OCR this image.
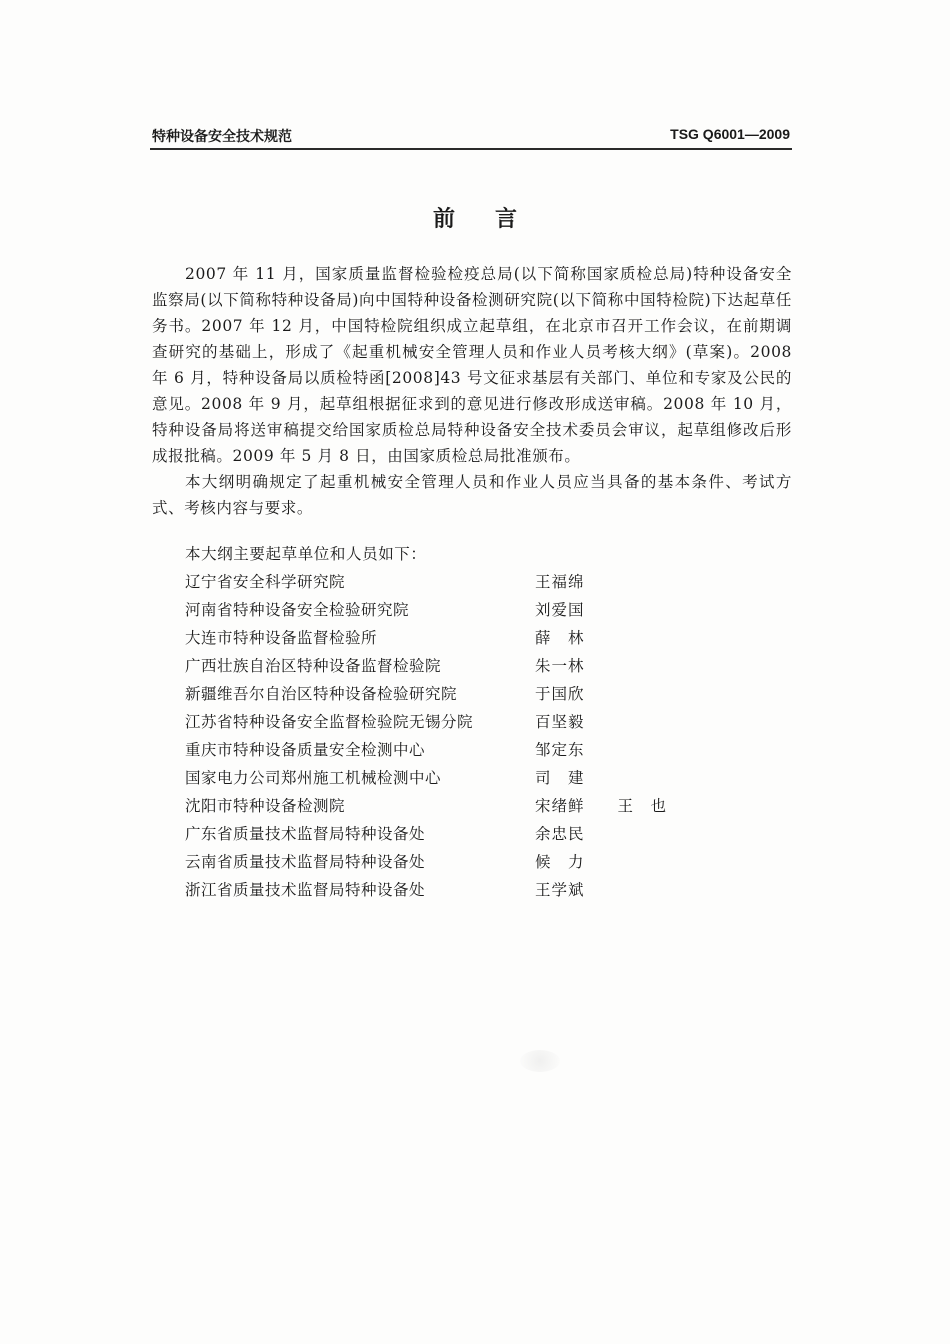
特种设备安全技术规范	TSG Q6001—2009
前言

2007 年 11 月，国家质量监督检验检疫总局(以下简称国家质检总局)特种设备安全监察局(以下简称特种设备局)向中国特种设备检测研究院(以下简称中国特检院)下达起草任务书。2007 年 12 月，中国特检院组织成立起草组，在北京市召开工作会议，在前期调查研究的基础上，形成了《起重机械安全管理人员和作业人员考核大纲》(草案)。2008 年 6 月，特种设备局以质检特函[2008]43 号文征求基层有关部门、单位和专家及公民的意见。2008 年 9 月，起草组根据征求到的意见进行修改形成送审稿。2008 年 10 月，特种设备局将送审稿提交给国家质检总局特种设备安全技术委员会审议，起草组修改后形成报批稿。2009 年 5 月 8 日，由国家质检总局批准颁布。

本大纲明确规定了起重机械安全管理人员和作业人员应当具备的基本条件、考试方式、考核内容与要求。

本大纲主要起草单位和人员如下：
辽宁省安全科学研究院	王福绵
河南省特种设备安全检验研究院	刘爱国
大连市特种设备监督检验所	薛　林
广西壮族自治区特种设备监督检验院	朱一林
新疆维吾尔自治区特种设备检验研究院	于国欣
江苏省特种设备安全监督检验院无锡分院	百坚毅
重庆市特种设备质量安全检测中心	邹定东
国家电力公司郑州施工机械检测中心	司　建
沈阳市特种设备检测院	宋绪鲜　　王　也
广东省质量技术监督局特种设备处	余忠民
云南省质量技术监督局特种设备处	候　力
浙江省质量技术监督局特种设备处	王学斌
